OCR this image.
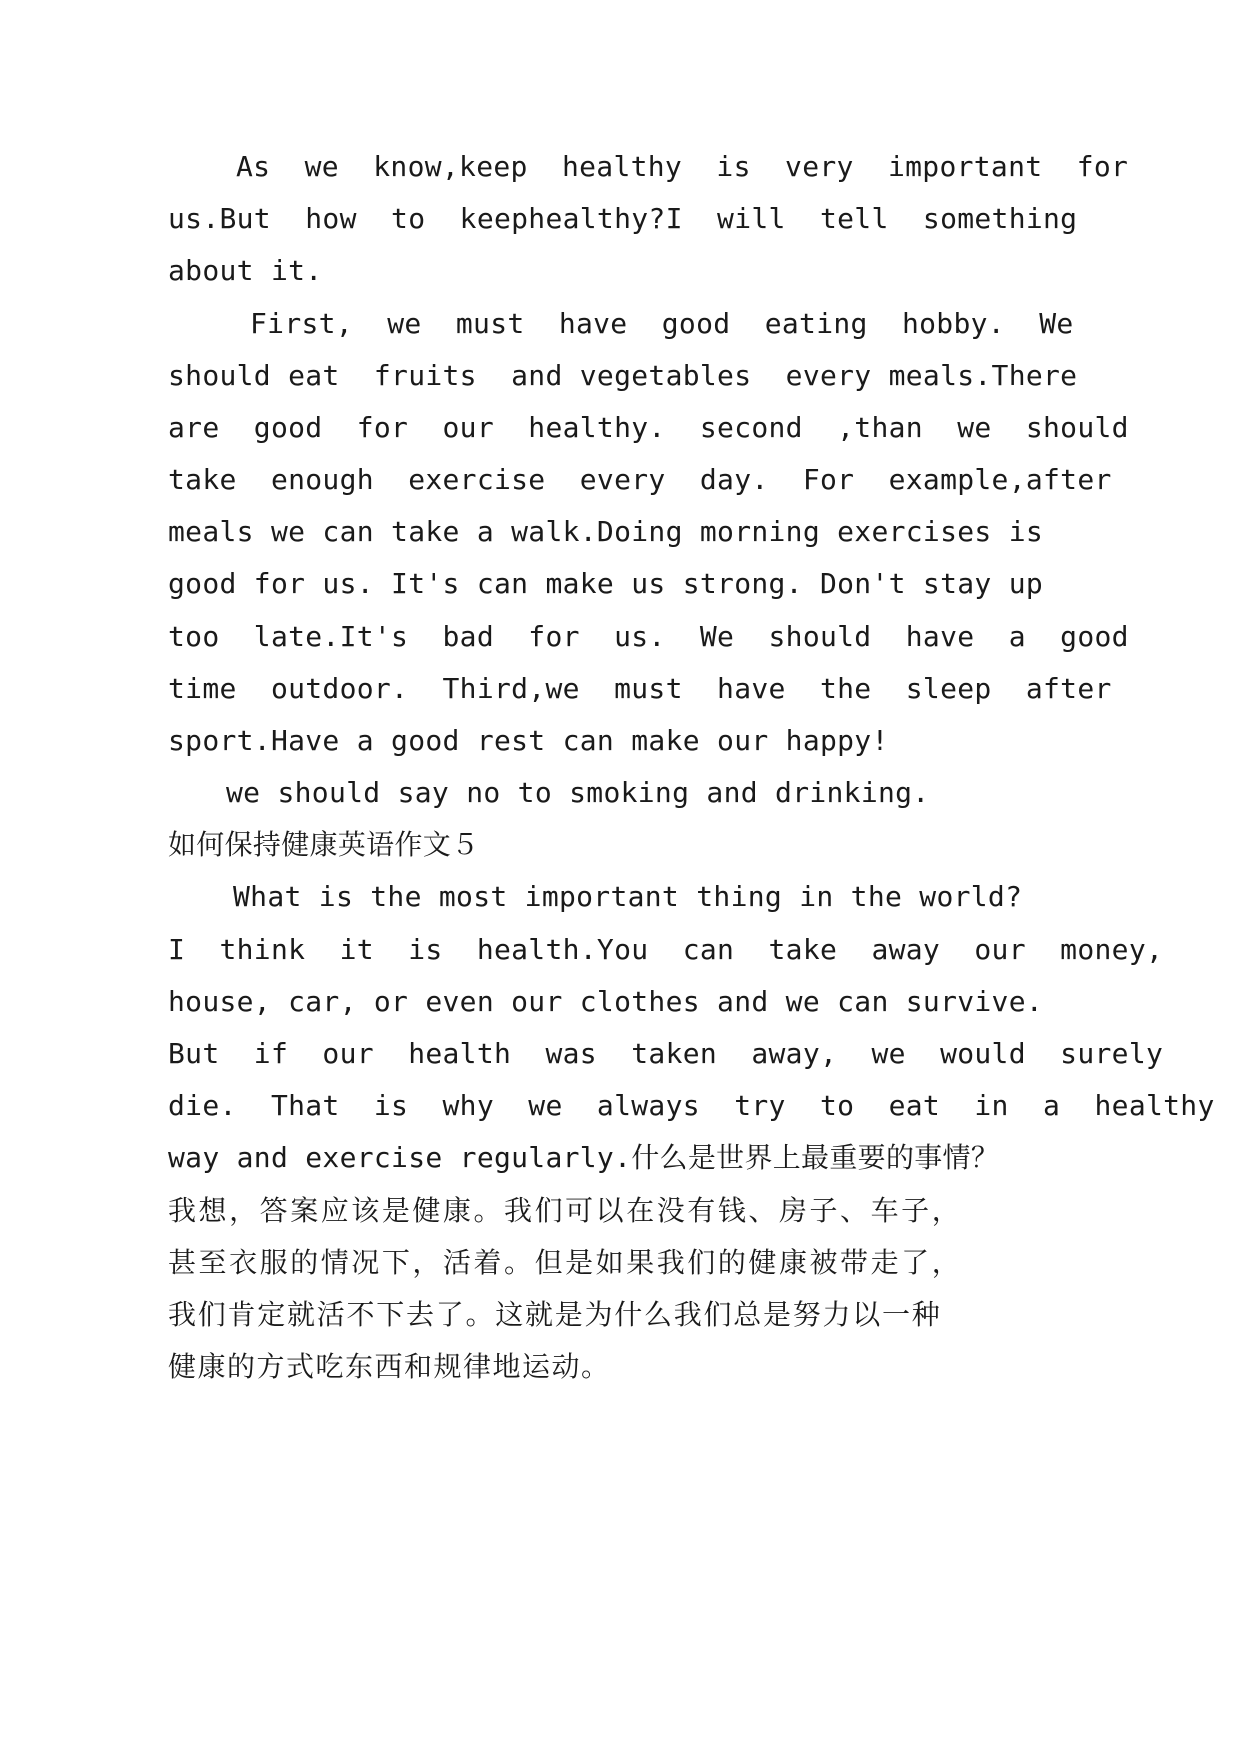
As  we  know,keep  healthy  is  very  important  for
us.But  how  to  keephealthy?I  will  tell  something
about it.
First,  we  must  have  good  eating  hobby.  We
should eat  fruits  and vegetables  every meals.There
are  good  for  our  healthy.  second  ,than  we  should
take  enough  exercise  every  day.  For  example,after
meals we can take a walk.Doing morning exercises is
good for us. It's can make us strong. Don't stay up
too  late.It's  bad  for  us.  We  should  have  a  good
time  outdoor.  Third,we  must  have  the  sleep  after
sport.Have a good rest can make our happy!
we should say no to smoking and drinking.
如何保持健康英语作文５
What is the most important thing in the world?
I  think  it  is  health.You  can  take  away  our  money,
house, car, or even our clothes and we can survive.
But  if  our  health  was  taken  away,  we  would  surely
die.  That  is  why  we  always  try  to  eat  in  a  healthy
way and exercise regularly.什么是世界上最重要的事情？
我想，答案应该是健康。我们可以在没有钱、房子、车子，
甚至衣服的情况下，活着。但是如果我们的健康被带走了，
我们肯定就活不下去了。这就是为什么我们总是努力以一种
健康的方式吃东西和规律地运动。
